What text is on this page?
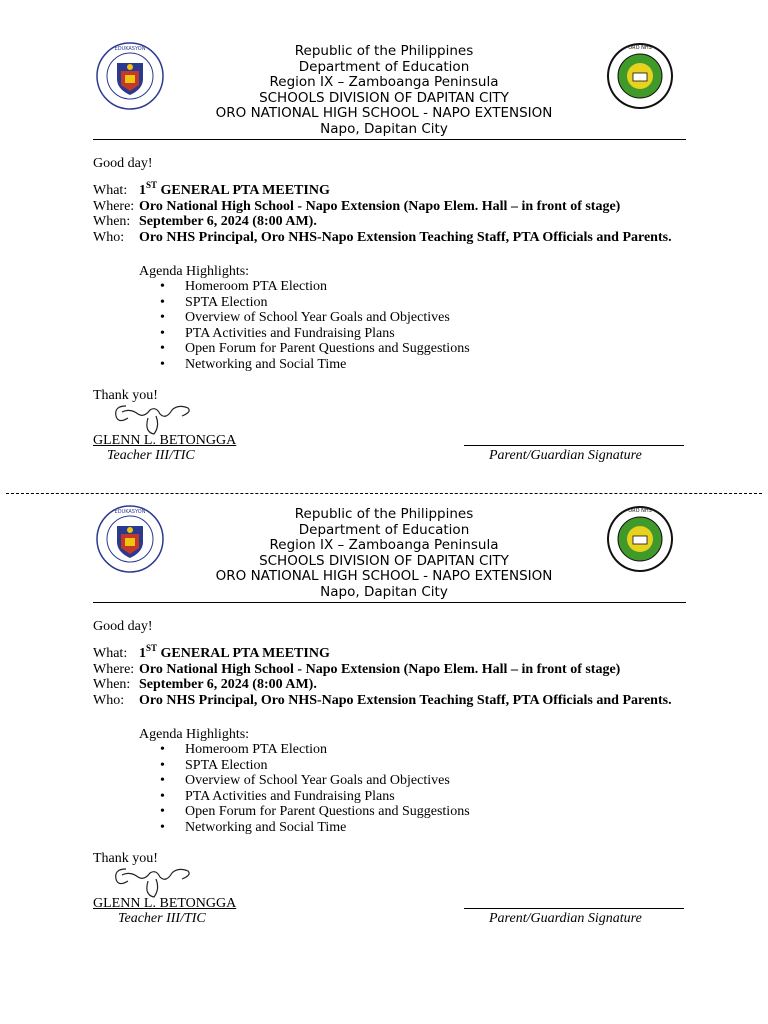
Republic of the Philippines
Department of Education
Region IX – Zamboanga Peninsula
SCHOOLS DIVISION OF DAPITAN CITY
ORO NATIONAL HIGH SCHOOL - NAPO EXTENSION
Napo, Dapitan City
EDUKASYON	ORO NHS
Good day!
What: 1ST GENERAL PTA MEETING
Where: Oro National High School - Napo Extension (Napo Elem. Hall – in front of stage)
When: September 6, 2024 (8:00 AM).
Who: Oro NHS Principal, Oro NHS-Napo Extension Teaching Staff, PTA Officials and Parents.
Agenda Highlights:
• Homeroom PTA Election
• SPTA Election
• Overview of School Year Goals and Objectives
• PTA Activities and Fundraising Plans
• Open Forum for Parent Questions and Suggestions
• Networking and Social Time
Thank you!
GLENN L. BETONGGA
Teacher III/TIC	Parent/Guardian Signature
Republic of the Philippines
Department of Education
Region IX – Zamboanga Peninsula
SCHOOLS DIVISION OF DAPITAN CITY
ORO NATIONAL HIGH SCHOOL - NAPO EXTENSION
Napo, Dapitan City
EDUKASYON	ORO NHS
Good day!
What: 1ST GENERAL PTA MEETING
Where: Oro National High School - Napo Extension (Napo Elem. Hall – in front of stage)
When: September 6, 2024 (8:00 AM).
Who: Oro NHS Principal, Oro NHS-Napo Extension Teaching Staff, PTA Officials and Parents.
Agenda Highlights:
• Homeroom PTA Election
• SPTA Election
• Overview of School Year Goals and Objectives
• PTA Activities and Fundraising Plans
• Open Forum for Parent Questions and Suggestions
• Networking and Social Time
Thank you!
GLENN L. BETONGGA
Teacher III/TIC	Parent/Guardian Signature
